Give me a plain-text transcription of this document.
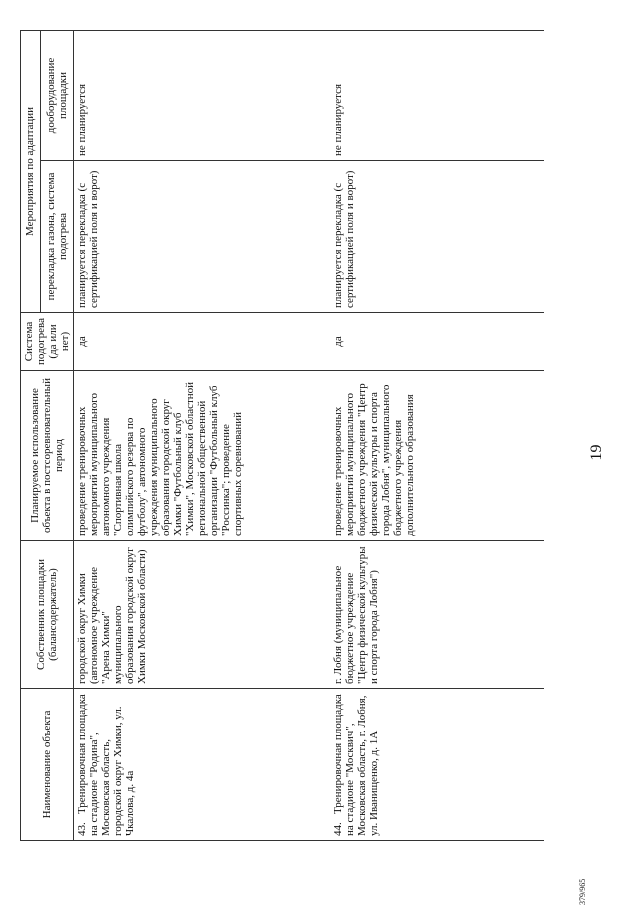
19
379/965
Наименование объекта	Собственник площадки (балансодержатель)	Планируемое использование объекта в постсоревновательный период	Система подогрева (да или нет)	Мероприятия по адаптации	
				перекладка газона, система подогрева	дооборудование площадки
43.Тренировочная площадка на стадионе "Родина", Московская область, городской округ Химки, ул. Чкалова, д. 4а	городской округ Химки (автономное учреждение "Арена Химки" муниципального образования городской округ Химки Московской области)	проведение тренировочных мероприятий муниципального автономного учреждения "Спортивная школа олимпийского резерва по футболу", автономного учреждения муниципального образования городской округ Химки "Футбольный клуб "Химки", Московской областной региональной общественной организации "Футбольный клуб "Россинка"; проведение спортивных соревнований	да	планируется перекладка (с сертификацией поля и ворот)	не планируется
44.Тренировочная площадка на стадионе "Москвич", Московская область, г. Лобня, ул. Иванищенко, д. 1А	г. Лобня (муниципальное бюджетное учреждение "Центр физической культуры и спорта города Лобня")	проведение тренировочных мероприятий муниципального бюджетного учреждения "Центр физической культуры и спорта города Лобня", муниципального бюджетного учреждения дополнительного образования	да	планируется перекладка (с сертификацией поля и ворот)	не планируется
